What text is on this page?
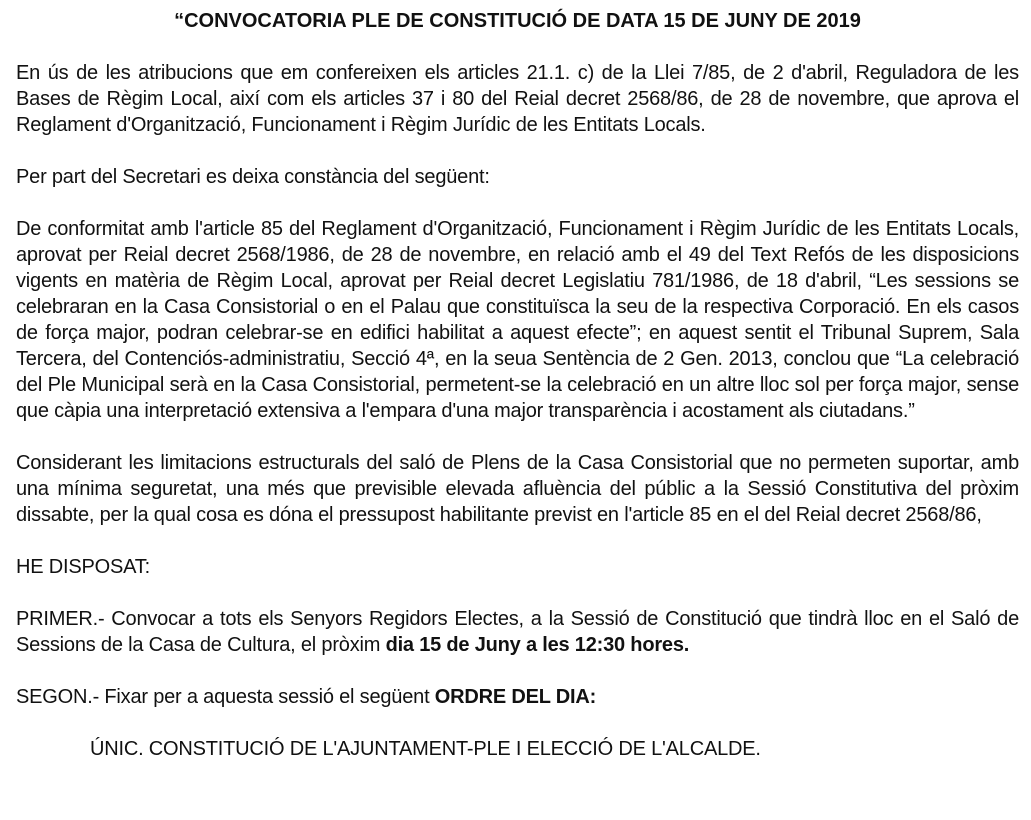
“CONVOCATORIA PLE DE CONSTITUCIÓ DE DATA 15 DE JUNY DE 2019

En ús de les atribucions que em confereixen els articles 21.1. c) de la Llei 7/85, de 2 d'abril, Reguladora de les Bases de Règim Local, així com els articles 37 i 80 del Reial decret 2568/86, de 28 de novembre, que aprova el Reglament d'Organització, Funcionament i Règim Jurídic de les Entitats Locals.

Per part del Secretari es deixa constància del següent:

De conformitat amb l'article 85 del Reglament d'Organització, Funcionament i Règim Jurídic de les Entitats Locals, aprovat per Reial decret 2568/1986, de 28 de novembre, en relació amb el 49 del Text Refós de les disposicions vigents en matèria de Règim Local, aprovat per Reial decret Legislatiu 781/1986, de 18 d'abril, “Les sessions se celebraran en la Casa Consistorial o en el Palau que constituïsca la seu de la respectiva Corporació. En els casos de força major, podran celebrar-se en edifici habilitat a aquest efecte”; en aquest sentit el Tribunal Suprem, Sala Tercera, del Contenciós-administratiu, Secció 4ª, en la seua Sentència de 2 Gen. 2013, conclou que “La celebració del Ple Municipal serà en la Casa Consistorial, permetent-se la celebració en un altre lloc sol per força major, sense que càpia una interpretació extensiva a l'empara d'una major transparència i acostament als ciutadans.”

Considerant les limitacions estructurals del saló de Plens de la Casa Consistorial que no permeten suportar, amb una mínima seguretat, una més que previsible elevada afluència del públic a la Sessió Constitutiva del pròxim dissabte, per la qual cosa es dóna el pressupost habilitante previst en l'article 85 en el del Reial decret 2568/86,

HE DISPOSAT:

PRIMER.- Convocar a tots els Senyors Regidors Electes, a la Sessió de Constitució que tindrà lloc en el Saló de Sessions de la Casa de Cultura, el pròxim dia 15 de Juny a les 12:30 hores.

SEGON.- Fixar per a aquesta sessió el següent ORDRE DEL DIA:

ÚNIC. CONSTITUCIÓ DE L'AJUNTAMENT-PLE I ELECCIÓ DE L'ALCALDE.
